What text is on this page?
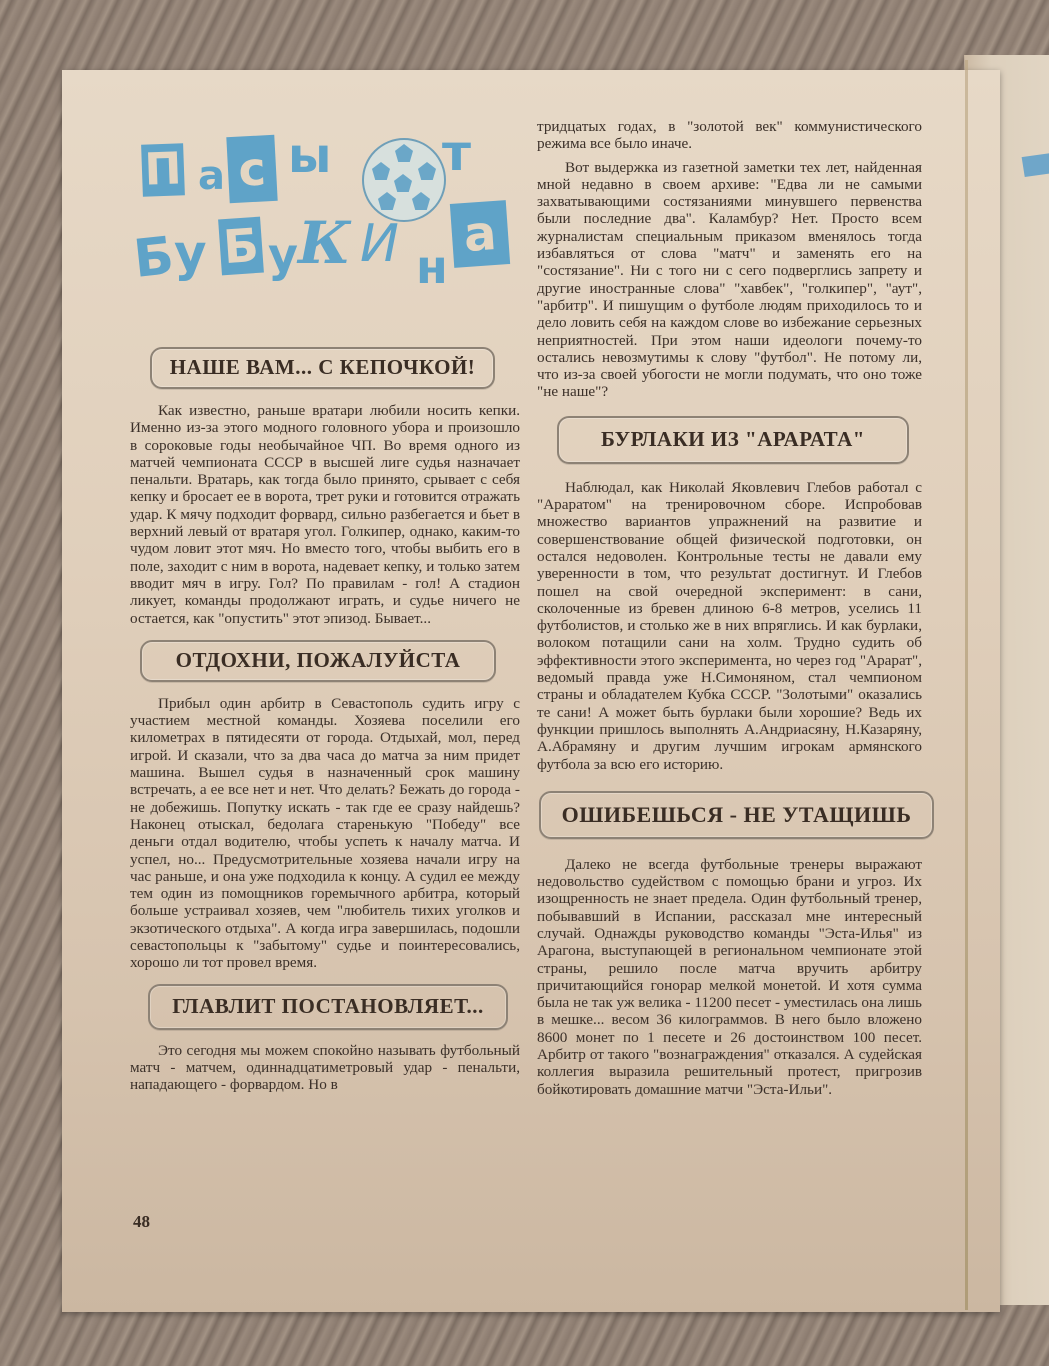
П а с ы т
Б
у Б у К И н
а
НАШЕ ВАМ... С КЕПОЧКОЙ!

Как известно, раньше вратари любили носить кепки. Именно из-за этого модного головного убора и произошло в сороковые годы необычайное ЧП. Во время одного из матчей чемпионата СССР в высшей лиге судья назначает пенальти. Вратарь, как тогда было принято, срывает с себя кепку и бросает ее в ворота, трет руки и готовится отражать удар. К мячу подходит форвард, сильно разбегается и бьет в верхний левый от вратаря угол. Голкипер, однако, каким-то чудом ловит этот мяч. Но вместо того, чтобы выбить его в поле, заходит с ним в ворота, надевает кепку, и только затем вводит мяч в игру. Гол? По правилам - гол! А стадион ликует, команды продолжают играть, и судье ничего не остается, как "опустить" этот эпизод. Бывает...

ОТДОХНИ, ПОЖАЛУЙСТА

Прибыл один арбитр в Севастополь судить игру с участием местной команды. Хозяева поселили его километрах в пятидесяти от города. Отдыхай, мол, перед игрой. И сказали, что за два часа до матча за ним придет машина. Вышел судья в назначенный срок машину встречать, а ее все нет и нет. Что делать? Бежать до города - не добежишь. Попутку искать - так где ее сразу найдешь? Наконец отыскал, бедолага старенькую "Победу" все деньги отдал водителю, чтобы успеть к началу матча. И успел, но... Предусмотрительные хозяева начали игру на час раньше, и она уже подходила к концу. А судил ее между тем один из помощников горемычного арбитра, который больше устраивал хозяев, чем "любитель тихих уголков и экзотического отдыха". А когда игра завершилась, подошли севастопольцы к "забытому" судье и поинтересовались, хорошо ли тот провел время.

ГЛАВЛИТ ПОСТАНОВЛЯЕТ...

Это сегодня мы можем спокойно называть футбольный матч - матчем, одиннадцатиметровый удар - пенальти, нападающего - форвардом. Но в

тридцатых годах, в "золотой век" коммунистического режима все было иначе.

Вот выдержка из газетной заметки тех лет, найденная мной недавно в своем архиве: "Едва ли не самыми захватывающими состязаниями минувшего первенства были последние два". Каламбур? Нет. Просто всем журналистам специальным приказом вменялось тогда избавляться от слова "матч" и заменять его на "состязание". Ни с того ни с сего подверглись запрету и другие иностранные слова" "хавбек", "голкипер", "аут", "арбитр". И пишущим о футболе людям приходилось то и дело ловить себя на каждом слове во избежание серьезных неприятностей. При этом наши идеологи почему-то остались невозмутимы к слову "футбол". Не потому ли, что из-за своей убогости не могли подумать, что оно тоже "не наше"?

БУРЛАКИ ИЗ "АРАРАТА"

Наблюдал, как Николай Яковлевич Глебов работал с "Араратом" на тренировочном сборе. Испробовав множество вариантов упражнений на развитие и совершенствование общей физической подготовки, он остался недоволен. Контрольные тесты не давали ему уверенности в том, что результат достигнут. И Глебов пошел на свой очередной эксперимент: в сани, сколоченные из бревен длиною 6-8 метров, уселись 11 футболистов, и столько же в них впряглись. И как бурлаки, волоком потащили сани на холм. Трудно судить об эффективности этого эксперимента, но через год "Арарат", ведомый правда уже Н.Симоняном, стал чемпионом страны и обладателем Кубка СССР. "Золотыми" оказались те сани! А может быть бурлаки были хорошие? Ведь их функции пришлось выполнять А.Андриасяну, Н.Казаряну, А.Абрамяну и другим лучшим игрокам армянского футбола за всю его историю.

ОШИБЕШЬСЯ - НЕ УТАЩИШЬ

Далеко не всегда футбольные тренеры выражают недовольство судейством с помощью брани и угроз. Их изощренность не знает предела. Один футбольный тренер, побывавший в Испании, рассказал мне интересный случай. Однажды руководство команды "Эста-Илья" из Арагона, выступающей в региональном чемпионате этой страны, решило после матча вручить арбитру причитающийся гонорар мелкой монетой. И хотя сумма была не так уж велика - 11200 песет - уместилась она лишь в мешке... весом 36 килограммов. В него было вложено 8600 монет по 1 песете и 26 достоинством 100 песет. Арбитр от такого "вознаграждения" отказался. А судейская коллегия выразила решительный протест, пригрозив бойкотировать домашние матчи "Эста-Ильи".

48
